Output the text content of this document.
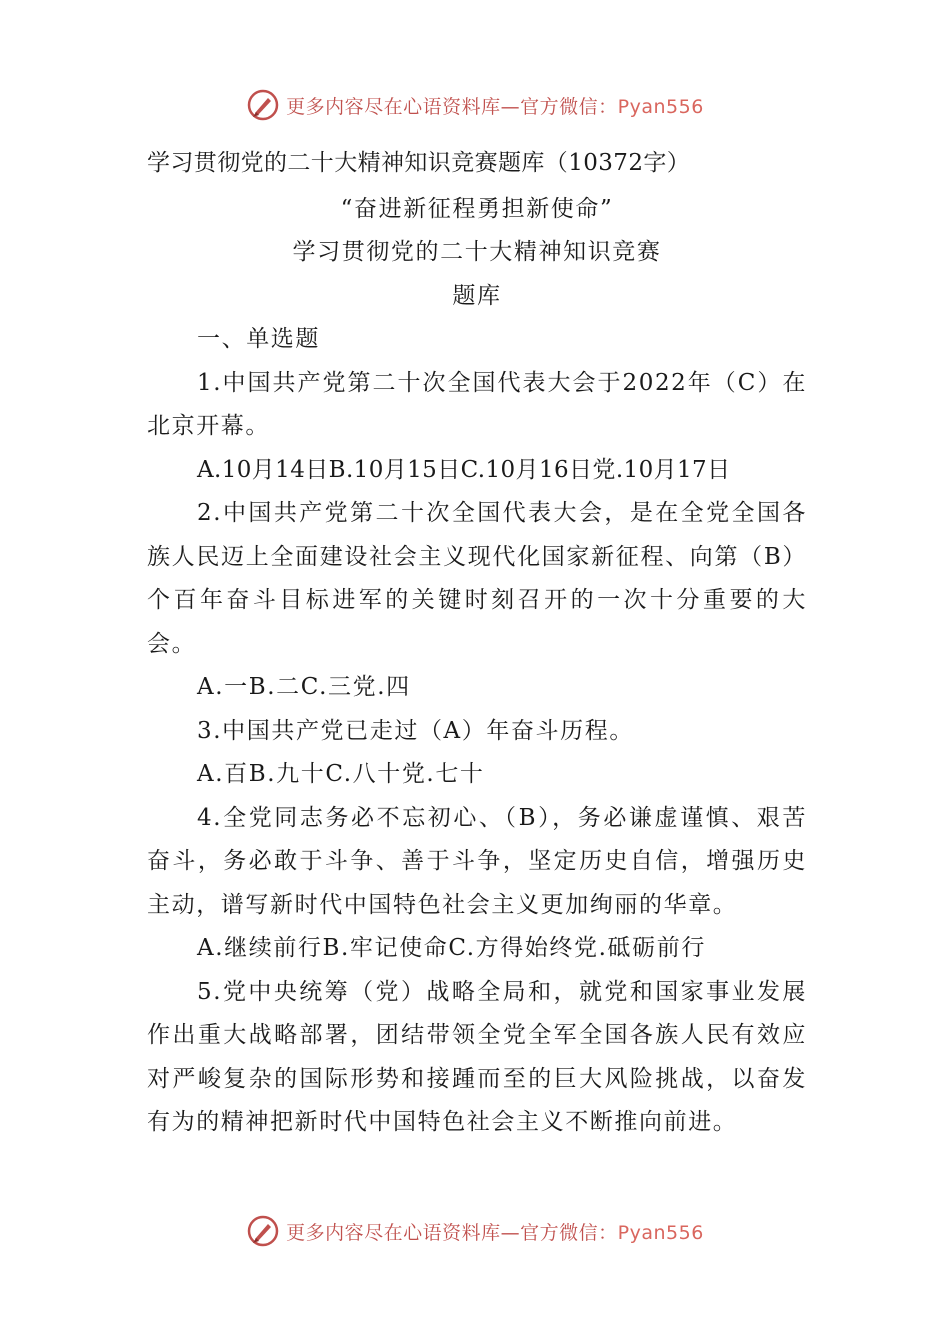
更多内容尽在心语资料库—官方微信：Pyan556

学习贯彻党的二十大精神知识竞赛题库（10372字）

“奋进新征程勇担新使命”

学习贯彻党的二十大精神知识竞赛

题库

一、单选题

1.中国共产党第二十次全国代表大会于2022年（C）在北京开幕。

A.10月14日B.10月15日C.10月16日党.10月17日

2.中国共产党第二十次全国代表大会，是在全党全国各族人民迈上全面建设社会主义现代化国家新征程、向第（B）个百年奋斗目标进军的关键时刻召开的一次十分重要的大会。

A.一B.二C.三党.四

3.中国共产党已走过（A）年奋斗历程。

A.百B.九十C.八十党.七十

4.全党同志务必不忘初心、（B），务必谦虚谨慎、艰苦奋斗，务必敢于斗争、善于斗争，坚定历史自信，增强历史主动，谱写新时代中国特色社会主义更加绚丽的华章。

A.继续前行B.牢记使命C.方得始终党.砥砺前行

5.党中央统筹（党）战略全局和，就党和国家事业发展作出重大战略部署，团结带领全党全军全国各族人民有效应对严峻复杂的国际形势和接踵而至的巨大风险挑战，以奋发有为的精神把新时代中国特色社会主义不断推向前进。

更多内容尽在心语资料库—官方微信：Pyan556
